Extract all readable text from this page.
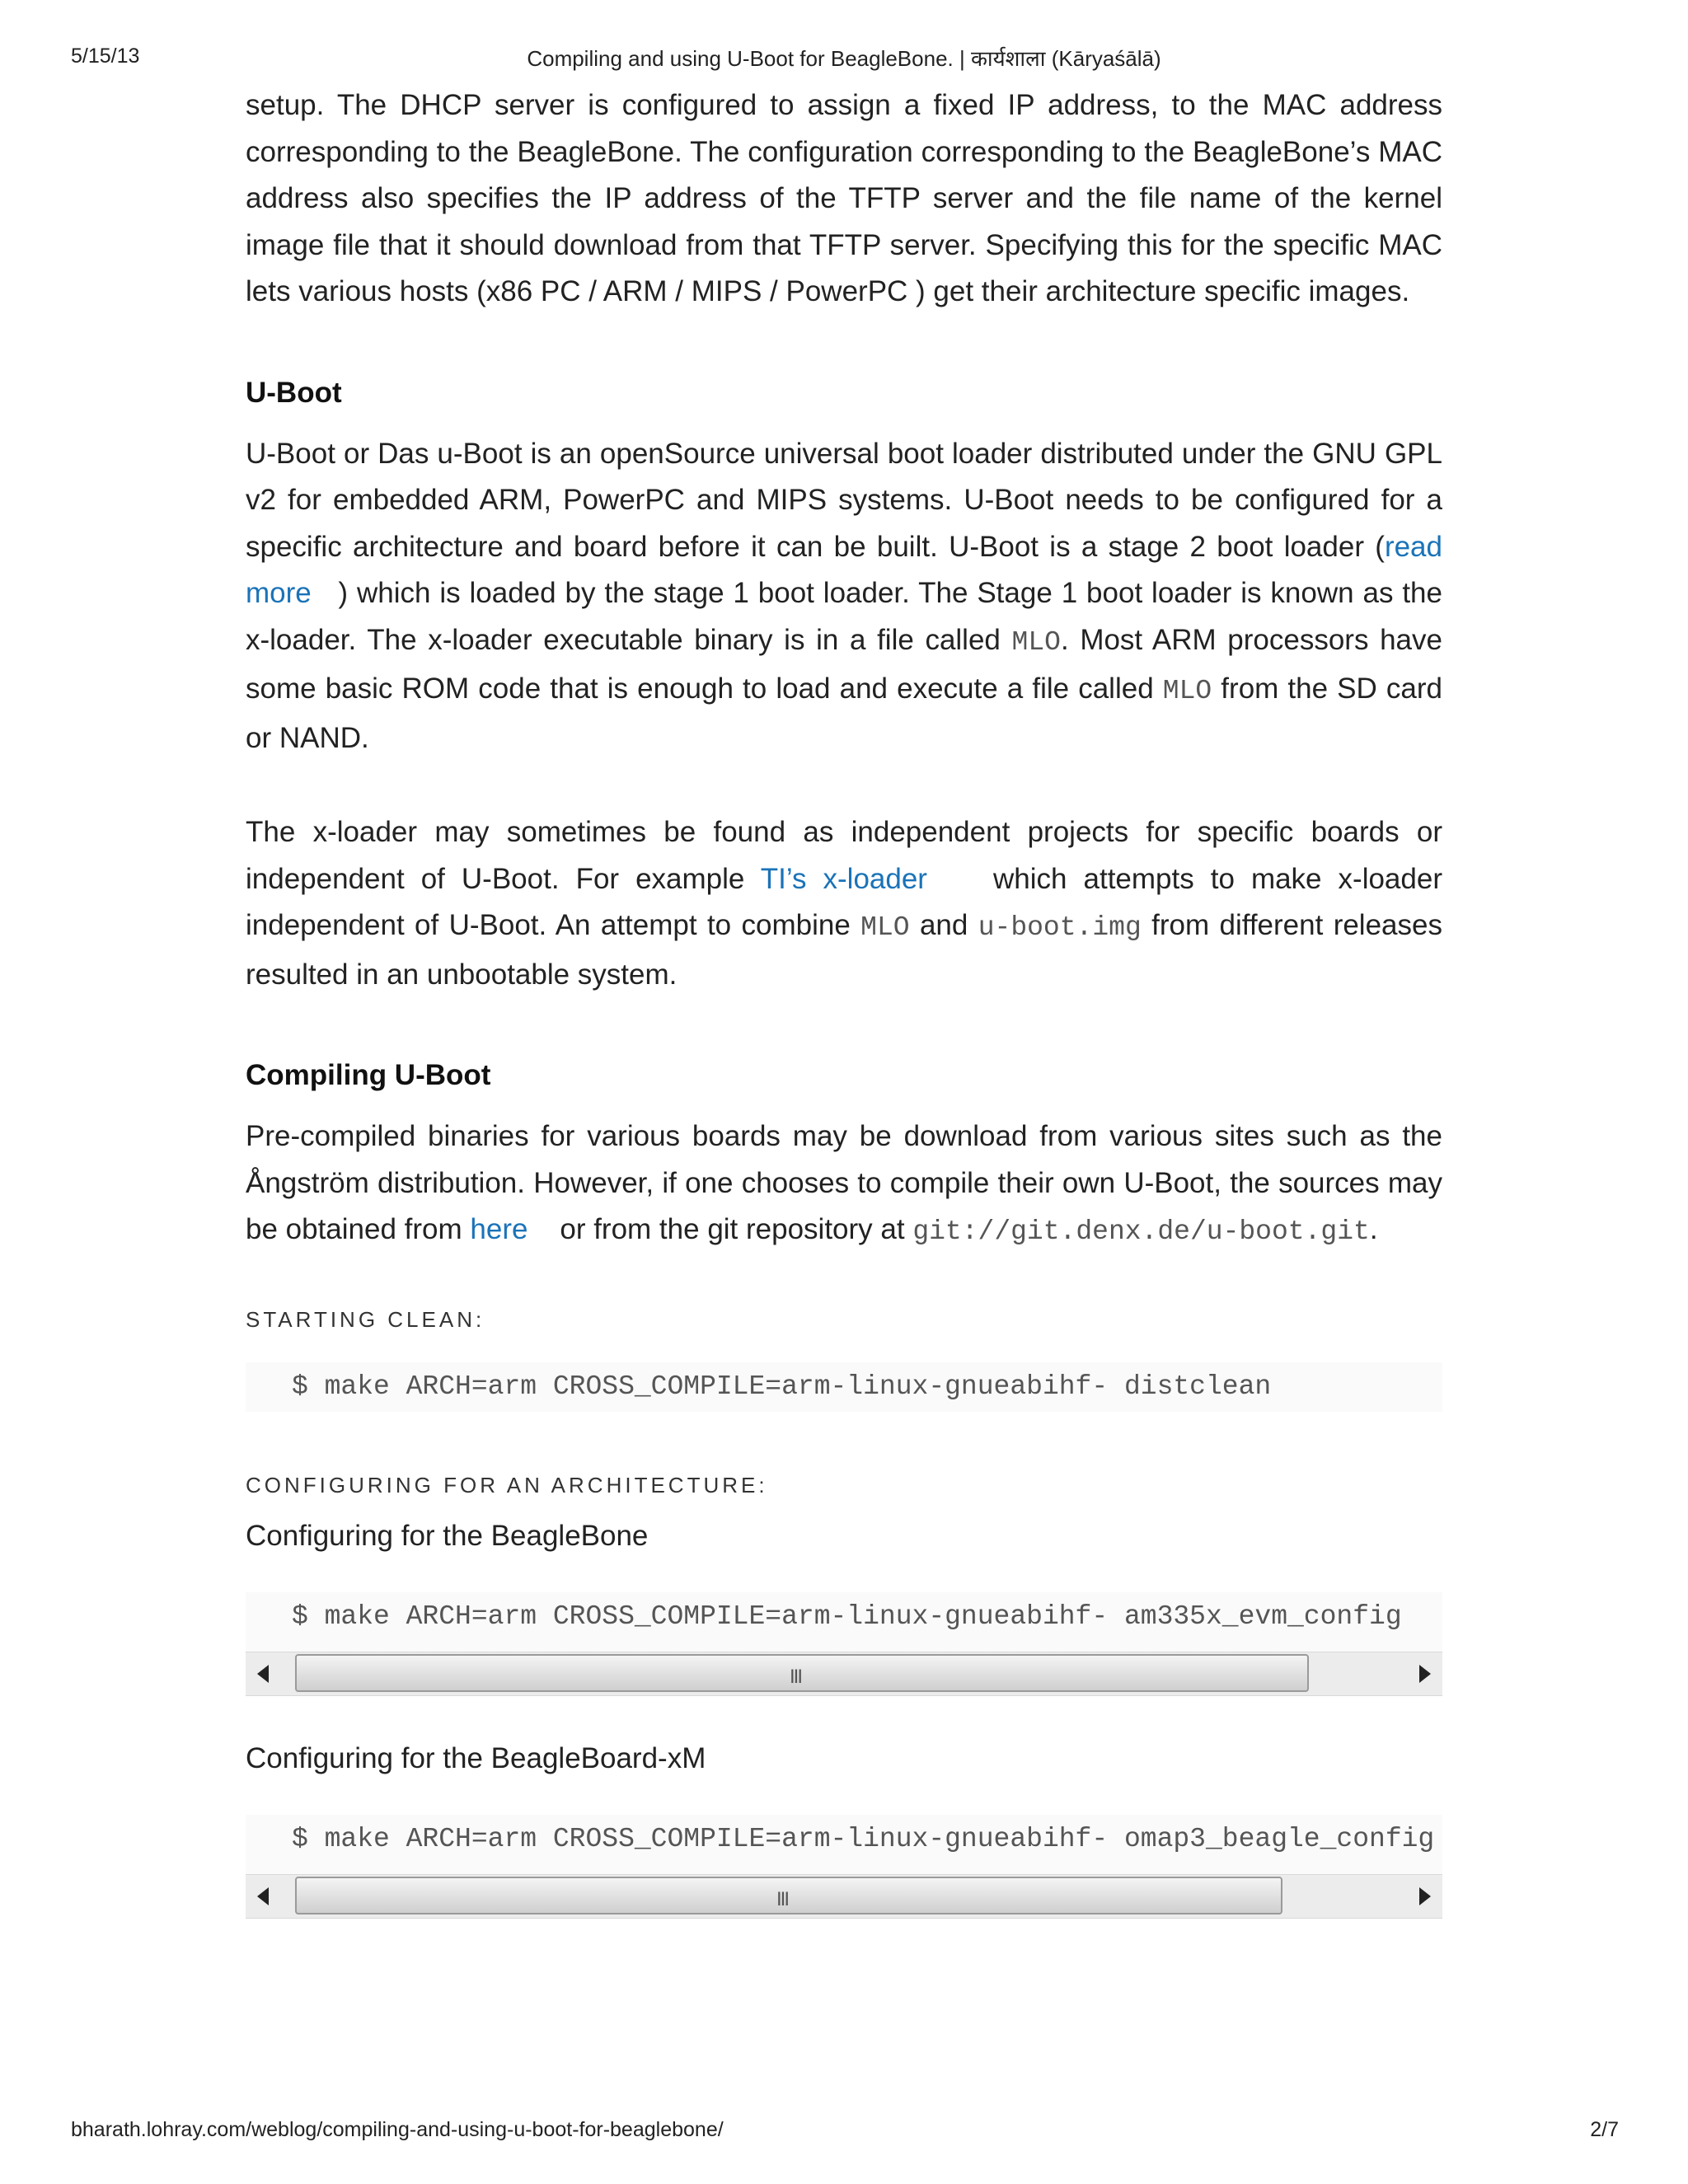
5/15/13	Compiling and using U-Boot for BeagleBone. | कार्यशाला (Kāryaśālā)

setup. The DHCP server is configured to assign a fixed IP address, to the MAC address corresponding to the BeagleBone. The configuration corresponding to the BeagleBone’s MAC address also specifies the IP address of the TFTP server and the file name of the kernel image file that it should download from that TFTP server. Specifying this for the specific MAC lets various hosts (x86 PC / ARM / MIPS / PowerPC ) get their architecture specific images.

U-Boot

U-Boot or Das u-Boot is an openSource universal boot loader distributed under the GNU GPL v2 for embedded ARM, PowerPC and MIPS systems. U-Boot needs to be configured for a specific architecture and board before it can be built. U-Boot is a stage 2 boot loader (read more   ) which is loaded by the stage 1 boot loader. The Stage 1 boot loader is known as the x-loader. The x-loader executable binary is in a file called MLO. Most ARM processors have some basic ROM code that is enough to load and execute a file called MLO from the SD card or NAND.

The x-loader may sometimes be found as independent projects for specific boards or independent of U-Boot. For example TI’s x-loader    which attempts to make x-loader independent of U-Boot. An attempt to combine MLO and u-boot.img from different releases resulted in an unbootable system.

Compiling U-Boot

Pre-compiled binaries for various boards may be download from various sites such as the Ångström distribution. However, if one chooses to compile their own U-Boot, the sources may be obtained from here    or from the git repository at git://git.denx.de/u-boot.git.

STARTING CLEAN:
$ make ARCH=arm CROSS_COMPILE=arm-linux-gnueabihf- distclean
CONFIGURING FOR AN ARCHITECTURE:
Configuring for the BeagleBone
$ make ARCH=arm CROSS_COMPILE=arm-linux-gnueabihf- am335x_evm_config
III
Configuring for the BeagleBoard-xM
$ make ARCH=arm CROSS_COMPILE=arm-linux-gnueabihf- omap3_beagle_config
III
bharath.lohray.com/weblog/compiling-and-using-u-boot-for-beaglebone/	2/7
